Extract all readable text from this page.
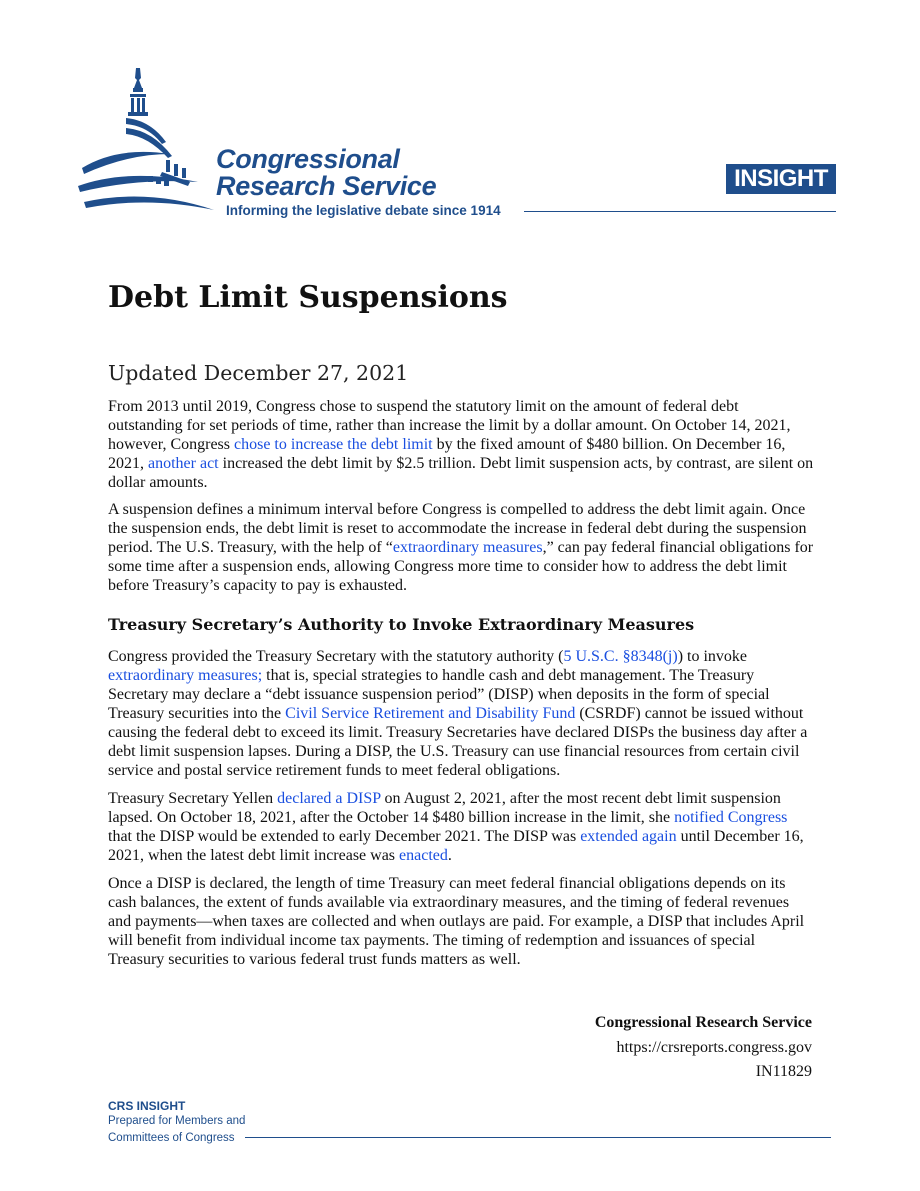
Congressional
Research Service
Informing the legislative debate since 1914
INSIGHT
Debt Limit Suspensions
Updated December 27, 2021

From 2013 until 2019, Congress chose to suspend the statutory limit on the amount of federal debt outstanding for set periods of time, rather than increase the limit by a dollar amount. On October 14, 2021, however, Congress chose to increase the debt limit by the fixed amount of $480 billion. On December 16, 2021, another act increased the debt limit by $2.5 trillion. Debt limit suspension acts, by contrast, are silent on dollar amounts.

A suspension defines a minimum interval before Congress is compelled to address the debt limit again. Once the suspension ends, the debt limit is reset to accommodate the increase in federal debt during the suspension period. The U.S. Treasury, with the help of “extraordinary measures,” can pay federal financial obligations for some time after a suspension ends, allowing Congress more time to consider how to address the debt limit before Treasury’s capacity to pay is exhausted.

Treasury Secretary’s Authority to Invoke Extraordinary Measures

Congress provided the Treasury Secretary with the statutory authority (5 U.S.C. §8348(j)) to invoke extraordinary measures; that is, special strategies to handle cash and debt management. The Treasury Secretary may declare a “debt issuance suspension period” (DISP) when deposits in the form of special Treasury securities into the Civil Service Retirement and Disability Fund (CSRDF) cannot be issued without causing the federal debt to exceed its limit. Treasury Secretaries have declared DISPs the business day after a debt limit suspension lapses. During a DISP, the U.S. Treasury can use financial resources from certain civil service and postal service retirement funds to meet federal obligations.

Treasury Secretary Yellen declared a DISP on August 2, 2021, after the most recent debt limit suspension lapsed. On October 18, 2021, after the October 14 $480 billion increase in the limit, she notified Congress that the DISP would be extended to early December 2021. The DISP was extended again until December 16, 2021, when the latest debt limit increase was enacted.

Once a DISP is declared, the length of time Treasury can meet federal financial obligations depends on its cash balances, the extent of funds available via extraordinary measures, and the timing of federal revenues and payments—when taxes are collected and when outlays are paid. For example, a DISP that includes April will benefit from individual income tax payments. The timing of redemption and issuances of special Treasury securities to various federal trust funds matters as well.

Congressional Research Service
https://crsreports.congress.gov
IN11829
CRS INSIGHT
Prepared for Members and
Committees of Congress
